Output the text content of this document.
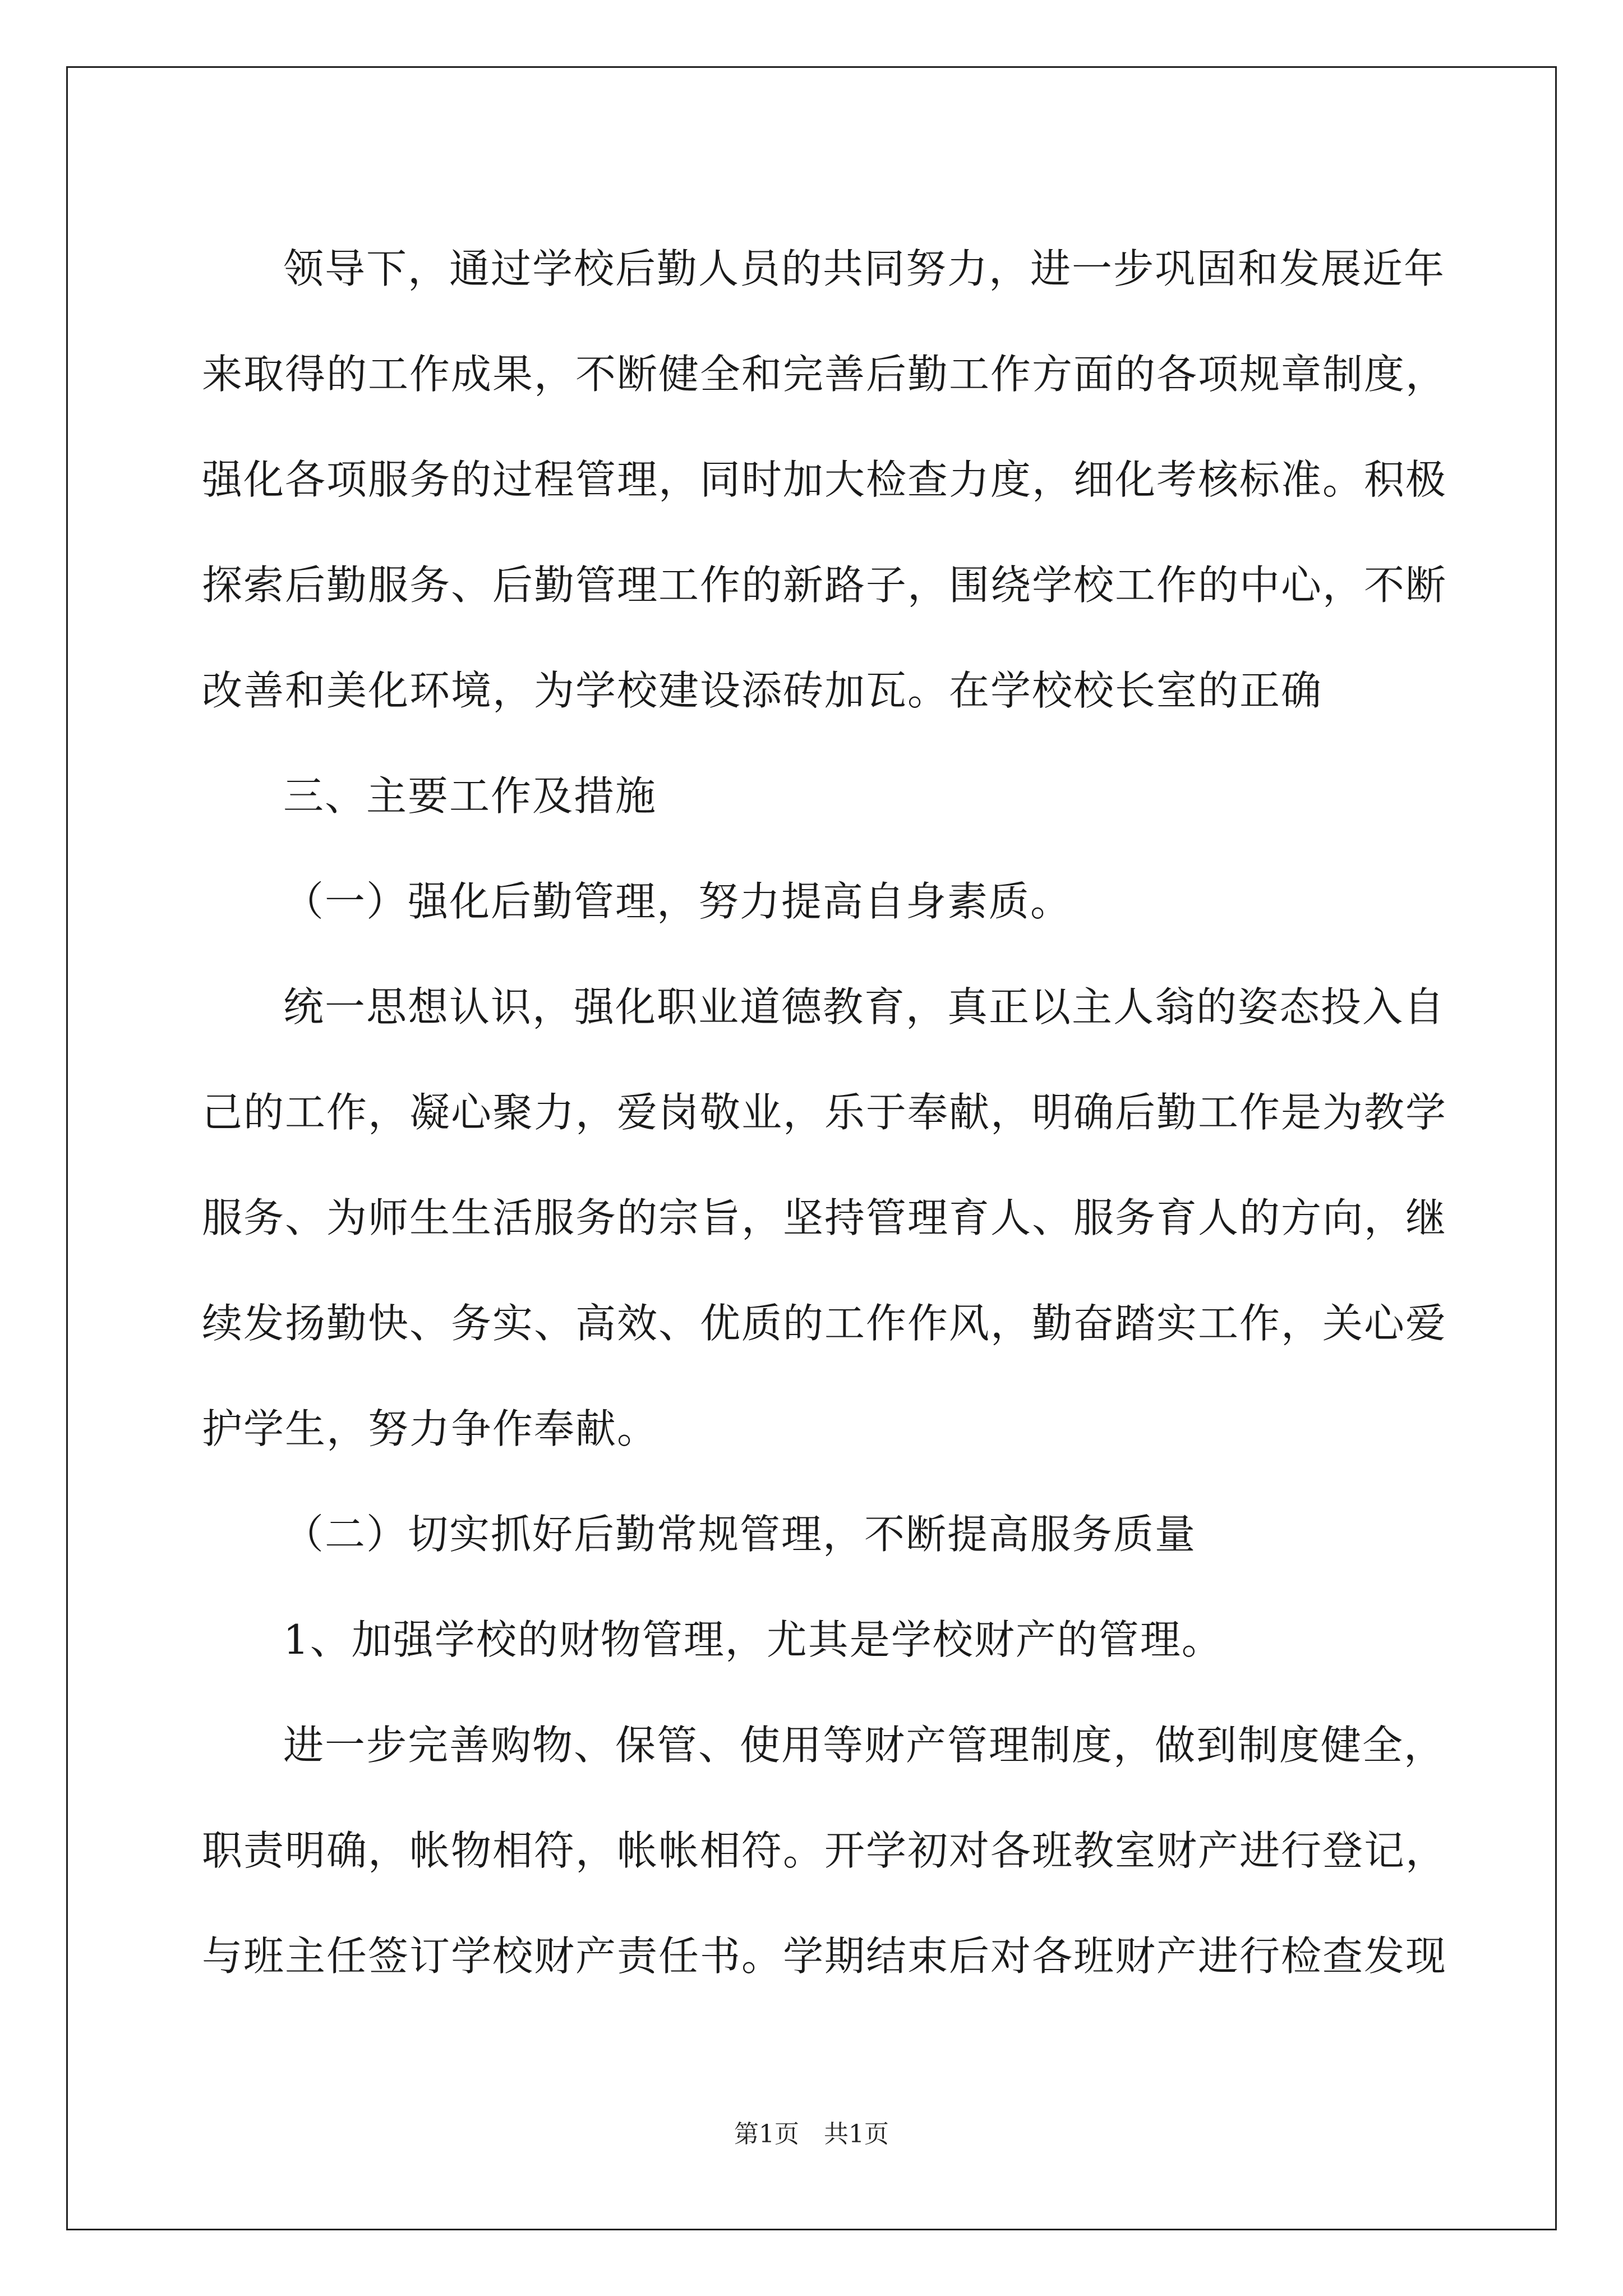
领导下，通过学校后勤人员的共同努力，进一步巩固和发展近年
来取得的工作成果，不断健全和完善后勤工作方面的各项规章制度，
强化各项服务的过程管理，同时加大检查力度，细化考核标准。积极
探索后勤服务、后勤管理工作的新路子，围绕学校工作的中心，不断
改善和美化环境，为学校建设添砖加瓦。在学校校长室的正确
三、主要工作及措施
（一）强化后勤管理，努力提高自身素质。
统一思想认识，强化职业道德教育，真正以主人翁的姿态投入自
己的工作，凝心聚力，爱岗敬业，乐于奉献，明确后勤工作是为教学
服务、为师生生活服务的宗旨，坚持管理育人、服务育人的方向，继
续发扬勤快、务实、高效、优质的工作作风，勤奋踏实工作，关心爱
护学生，努力争作奉献。
（二）切实抓好后勤常规管理，不断提高服务质量
1、加强学校的财物管理，尤其是学校财产的管理。
进一步完善购物、保管、使用等财产管理制度，做到制度健全，
职责明确，帐物相符，帐帐相符。开学初对各班教室财产进行登记，
与班主任签订学校财产责任书。学期结束后对各班财产进行检查发现
第1页　共1页
